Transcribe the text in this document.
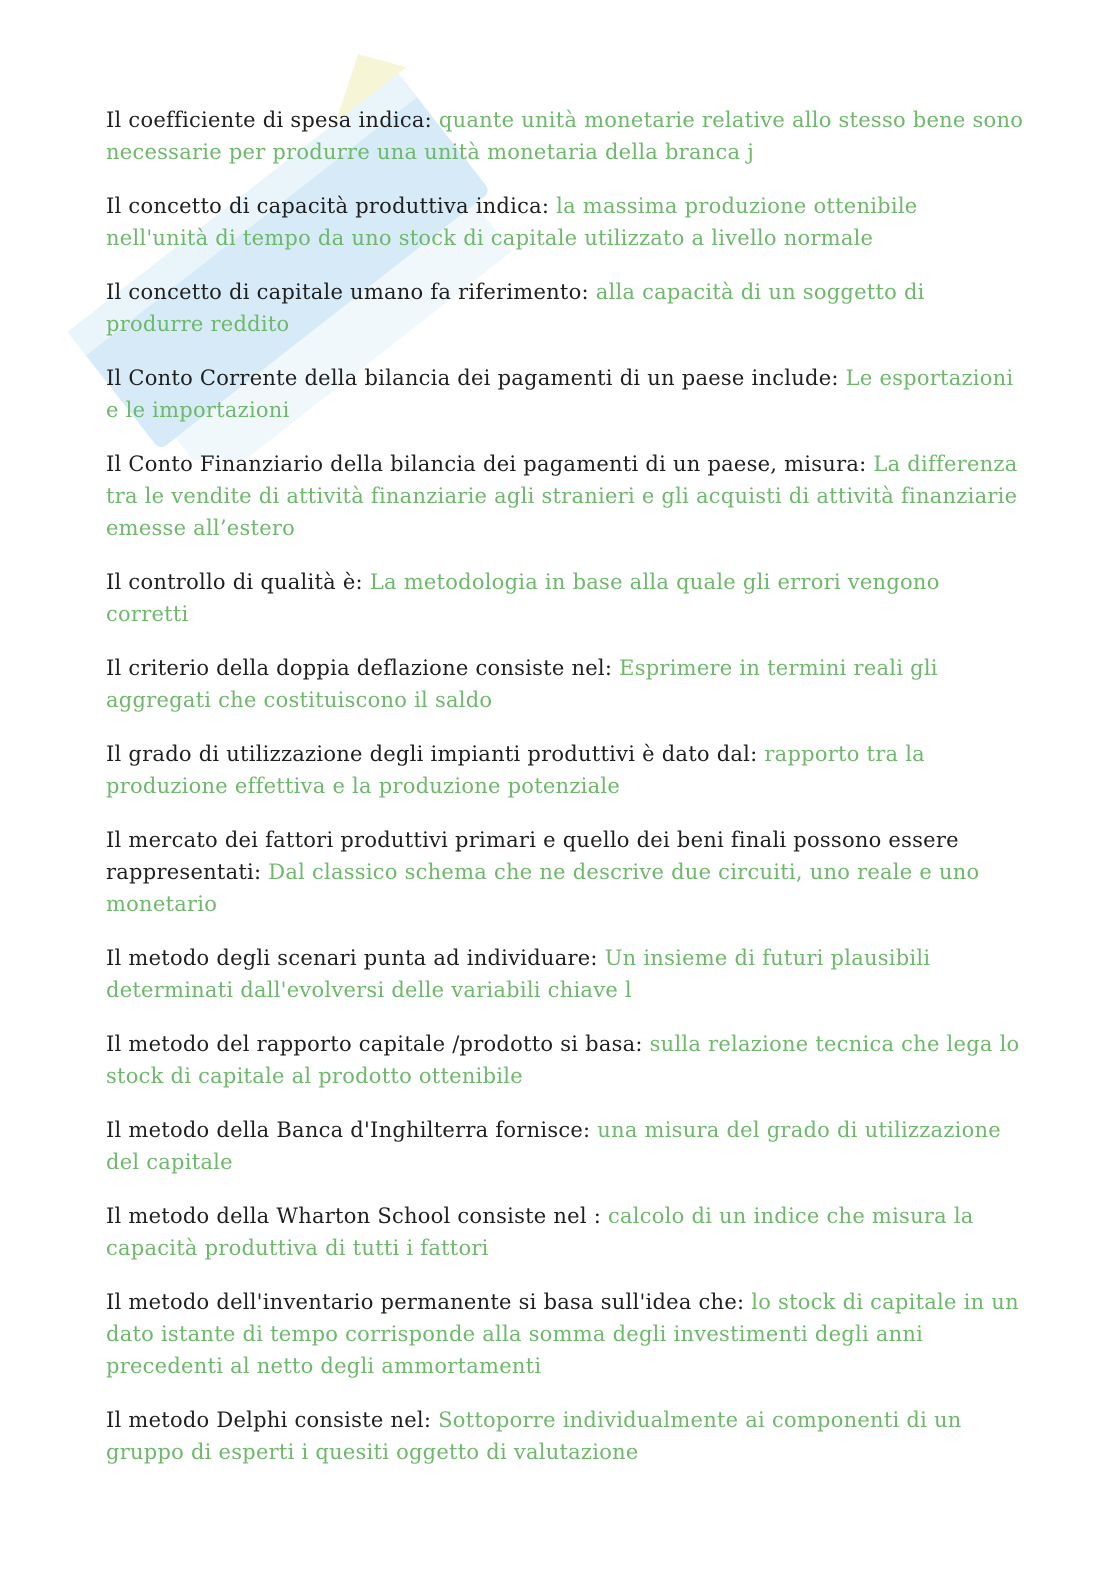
Il coefficiente di spesa indica: quante unità monetarie relative allo stesso bene sono necessarie per produrre una unità monetaria della branca j

Il concetto di capacità produttiva indica: la massima produzione ottenibile nell'unità di tempo da uno stock di capitale utilizzato a livello normale

Il concetto di capitale umano fa riferimento: alla capacità di un soggetto di produrre reddito

Il Conto Corrente della bilancia dei pagamenti di un paese include: Le esportazioni e le importazioni

Il Conto Finanziario della bilancia dei pagamenti di un paese, misura: La differenza tra le vendite di attività finanziarie agli stranieri e gli acquisti di attività finanziarie emesse all’estero

Il controllo di qualità è: La metodologia in base alla quale gli errori vengono corretti

Il criterio della doppia deflazione consiste nel: Esprimere in termini reali gli aggregati che costituiscono il saldo

Il grado di utilizzazione degli impianti produttivi è dato dal: rapporto tra la produzione effettiva e la produzione potenziale

Il mercato dei fattori produttivi primari e quello dei beni finali possono essere rappresentati: Dal classico schema che ne descrive due circuiti, uno reale e uno monetario

Il metodo degli scenari punta ad individuare: Un insieme di futuri plausibili determinati dall'evolversi delle variabili chiave l

Il metodo del rapporto capitale /prodotto si basa: sulla relazione tecnica che lega lo stock di capitale al prodotto ottenibile

Il metodo della Banca d'Inghilterra fornisce: una misura del grado di utilizzazione del capitale

Il metodo della Wharton School consiste nel : calcolo di un indice che misura la capacità produttiva di tutti i fattori

Il metodo dell'inventario permanente si basa sull'idea che: lo stock di capitale in un dato istante di tempo corrisponde alla somma degli investimenti degli anni precedenti al netto degli ammortamenti

Il metodo Delphi consiste nel: Sottoporre individualmente ai componenti di un gruppo di esperti i quesiti oggetto di valutazione
